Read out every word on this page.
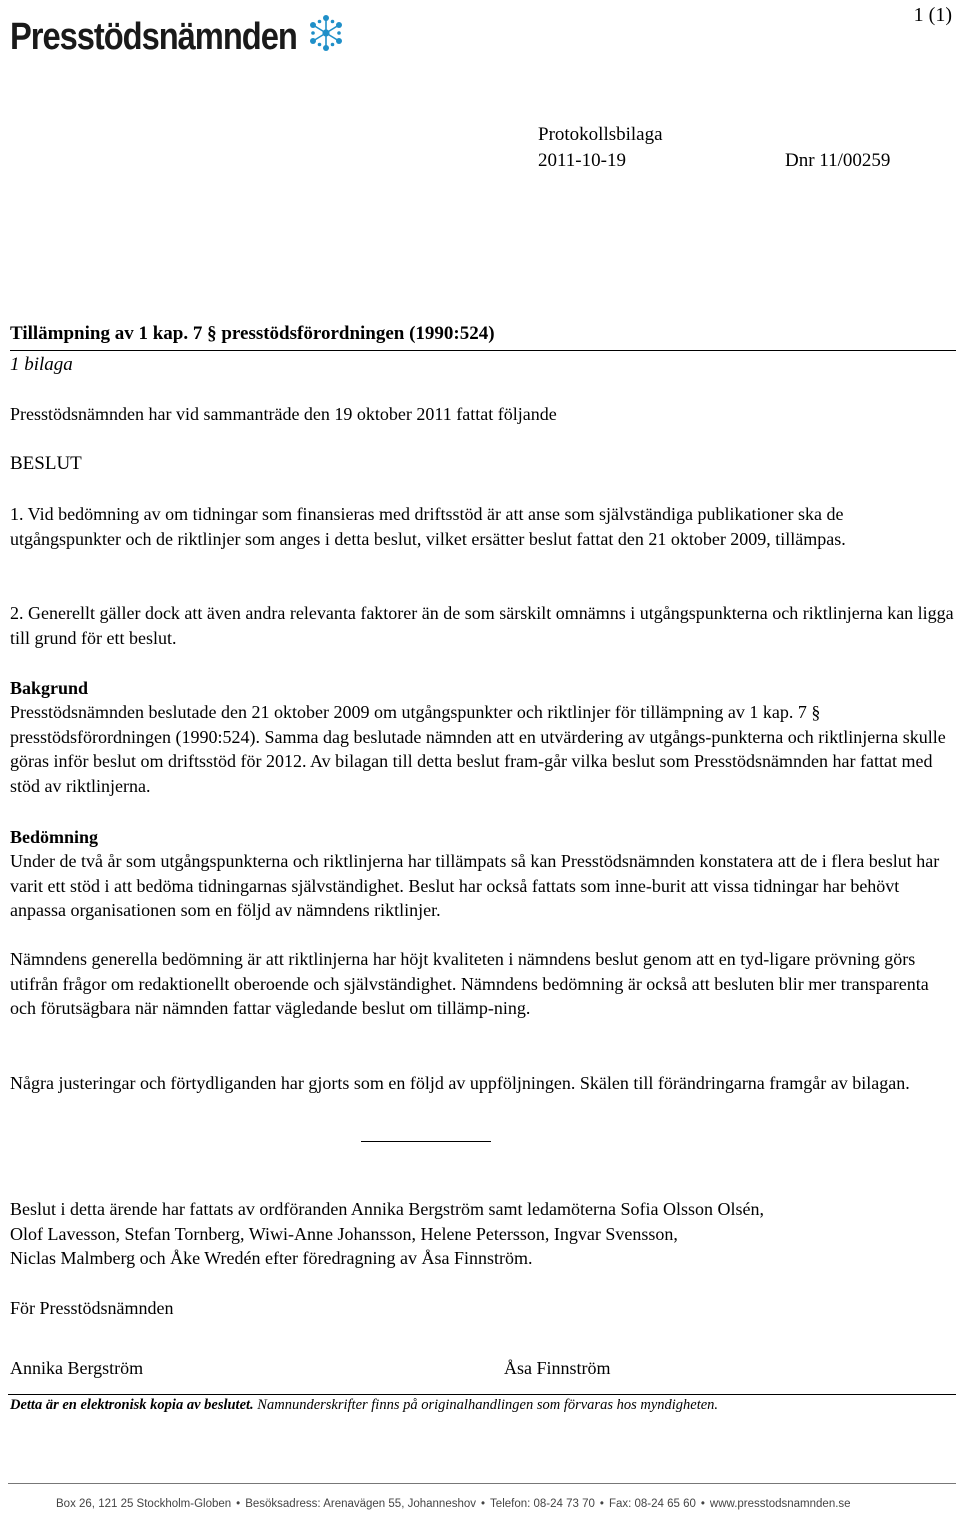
Presstödsnämnden
1 (1)
Protokollsbilaga
2011-10-19	Dnr 11/00259
Tillämpning av 1 kap. 7 § presstödsförordningen (1990:524)
1 bilaga
Presstödsnämnden har vid sammanträde den 19 oktober 2011 fattat följande
BESLUT
1. Vid bedömning av om tidningar som finansieras med driftsstöd är att anse som självständiga publikationer ska de utgångspunkter och de riktlinjer som anges i detta beslut, vilket ersätter beslut fattat den 21 oktober 2009, tillämpas.
2. Generellt gäller dock att även andra relevanta faktorer än de som särskilt omnämns i utgångspunkterna och riktlinjerna kan ligga till grund för ett beslut.
Bakgrund
Presstödsnämnden beslutade den 21 oktober 2009 om utgångspunkter och riktlinjer för tillämpning av 1 kap. 7 § presstödsförordningen (1990:524). Samma dag beslutade nämnden att en utvärdering av utgångs-punkterna och riktlinjerna skulle göras inför beslut om driftsstöd för 2012. Av bilagan till detta beslut fram-går vilka beslut som Presstödsnämnden har fattat med stöd av riktlinjerna.
Bedömning
Under de två år som utgångspunkterna och riktlinjerna har tillämpats så kan Presstödsnämnden konstatera att de i flera beslut har varit ett stöd i att bedöma tidningarnas självständighet. Beslut har också fattats som inne-burit att vissa tidningar har behövt anpassa organisationen som en följd av nämndens riktlinjer.
Nämndens generella bedömning är att riktlinjerna har höjt kvaliteten i nämndens beslut genom att en tyd-ligare prövning görs utifrån frågor om redaktionellt oberoende och självständighet. Nämndens bedömning är också att besluten blir mer transparenta och förutsägbara när nämnden fattar vägledande beslut om tillämp-ning.
Några justeringar och förtydliganden har gjorts som en följd av uppföljningen. Skälen till förändringarna framgår av bilagan.
Beslut i detta ärende har fattats av ordföranden Annika Bergström samt ledamöterna Sofia Olsson Olsén,
Olof Lavesson, Stefan Tornberg, Wiwi-Anne Johansson, Helene Petersson, Ingvar Svensson,
Niclas Malmberg och Åke Wredén efter föredragning av Åsa Finnström.
För Presstödsnämnden
Annika Bergström	Åsa Finnström
Detta är en elektronisk kopia av beslutet. Namnunderskrifter finns på originalhandlingen som förvaras hos myndigheten.
Box 26, 121 25 Stockholm-Globen • Besöksadress: Arenavägen 55, Johanneshov • Telefon: 08-24 73 70 • Fax: 08-24 65 60 • www.presstodsnamnden.se
